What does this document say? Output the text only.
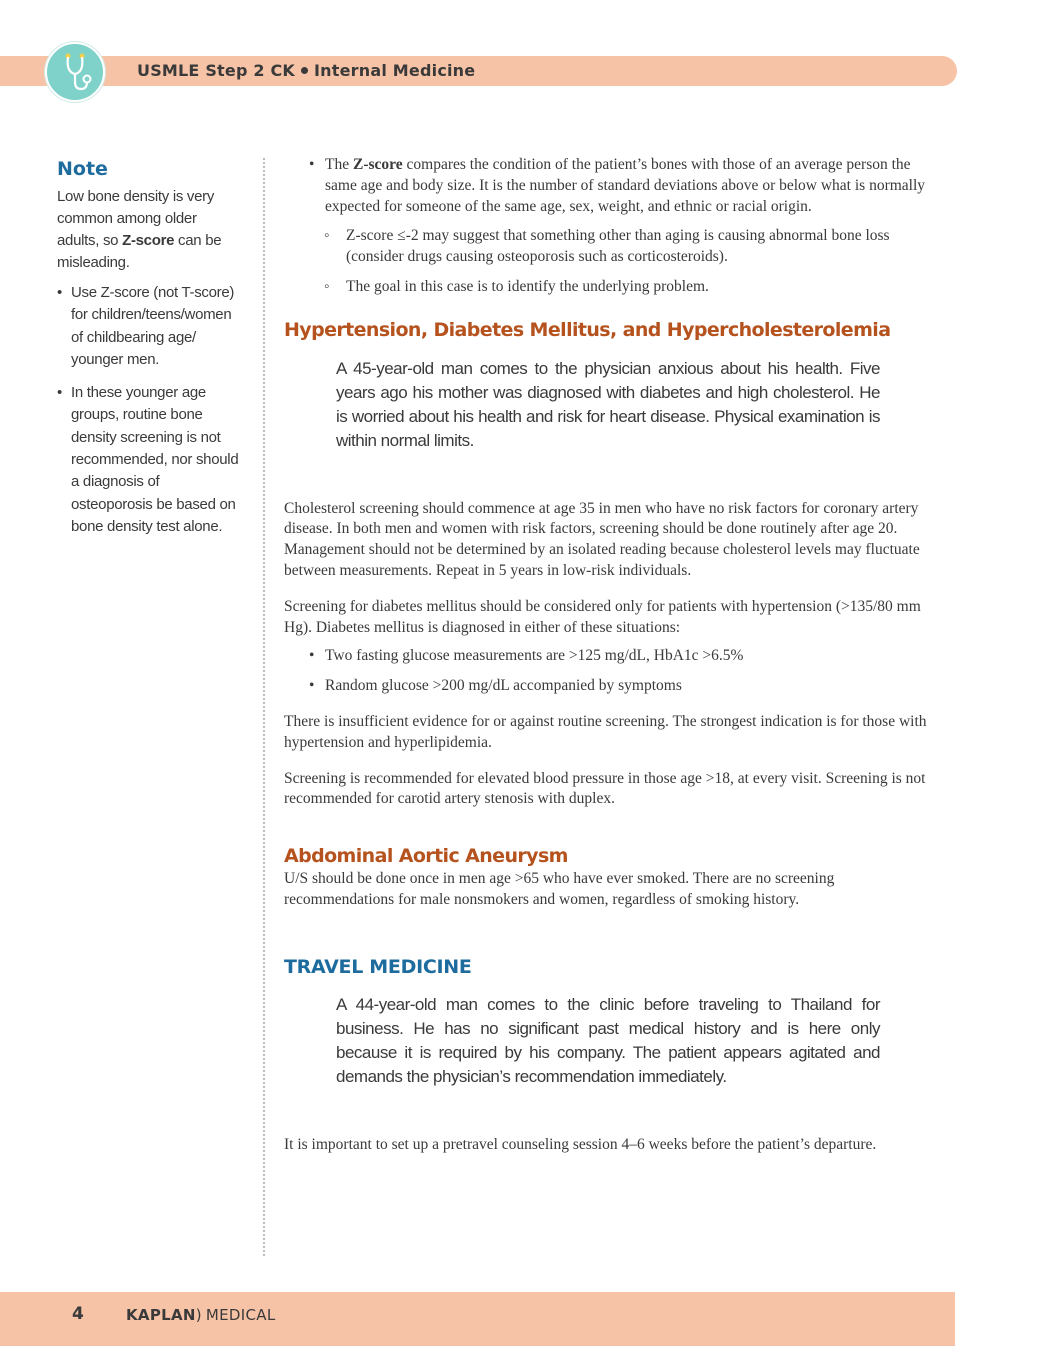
USMLE Step 2 CK Internal Medicine
Note

Low bone density is very common among older adults, so Z-score can be misleading.

• Use Z-score (not T-score) for children/teens/women of childbearing age/ younger men.
• In these younger age groups, routine bone density screening is not recommended, nor should a diagnosis of osteoporosis be based on bone density test alone.
• The Z-score compares the condition of the patient’s bones with those of an average person the same age and body size. It is the number of standard deviations above or below what is normally expected for someone of the same age, sex, weight, and ethnic or racial origin.
◦ Z-score ≤-2 may suggest that something other than aging is causing abnormal bone loss (consider drugs causing osteoporosis such as corticosteroids).
◦ The goal in this case is to identify the underlying problem.
Hypertension, Diabetes Mellitus, and Hypercholesterolemia
A 45-year-old man comes to the physician anxious about his health. Five years ago his mother was diagnosed with diabetes and high cholesterol. He is worried about his health and risk for heart disease. Physical examination is within normal limits.

Cholesterol screening should commence at age 35 in men who have no risk factors for coronary artery disease. In both men and women with risk factors, screening should be done routinely after age 20. Management should not be determined by an isolated reading because cholesterol levels may fluctuate between measurements. Repeat in 5 years in low-risk individuals.

Screening for diabetes mellitus should be considered only for patients with hypertension (>135/80 mm Hg). Diabetes mellitus is diagnosed in either of these situations:

• Two fasting glucose measurements are >125 mg/dL, HbA1c >6.5%
• Random glucose >200 mg/dL accompanied by symptoms

There is insufficient evidence for or against routine screening. The strongest indication is for those with hypertension and hyperlipidemia.

Screening is recommended for elevated blood pressure in those age >18, at every visit. Screening is not recommended for carotid artery stenosis with duplex.

Abdominal Aortic Aneurysm

U/S should be done once in men age >65 who have ever smoked. There are no screening recommendations for male nonsmokers and women, regardless of smoking history.

TRAVEL MEDICINE
A 44-year-old man comes to the clinic before traveling to Thailand for business. He has no significant past medical history and is here only because it is required by his company. The patient appears agitated and demands the physician’s recommendation immediately.

It is important to set up a pretravel counseling session 4–6 weeks before the patient’s departure.

4	KAPLAN) MEDICAL
